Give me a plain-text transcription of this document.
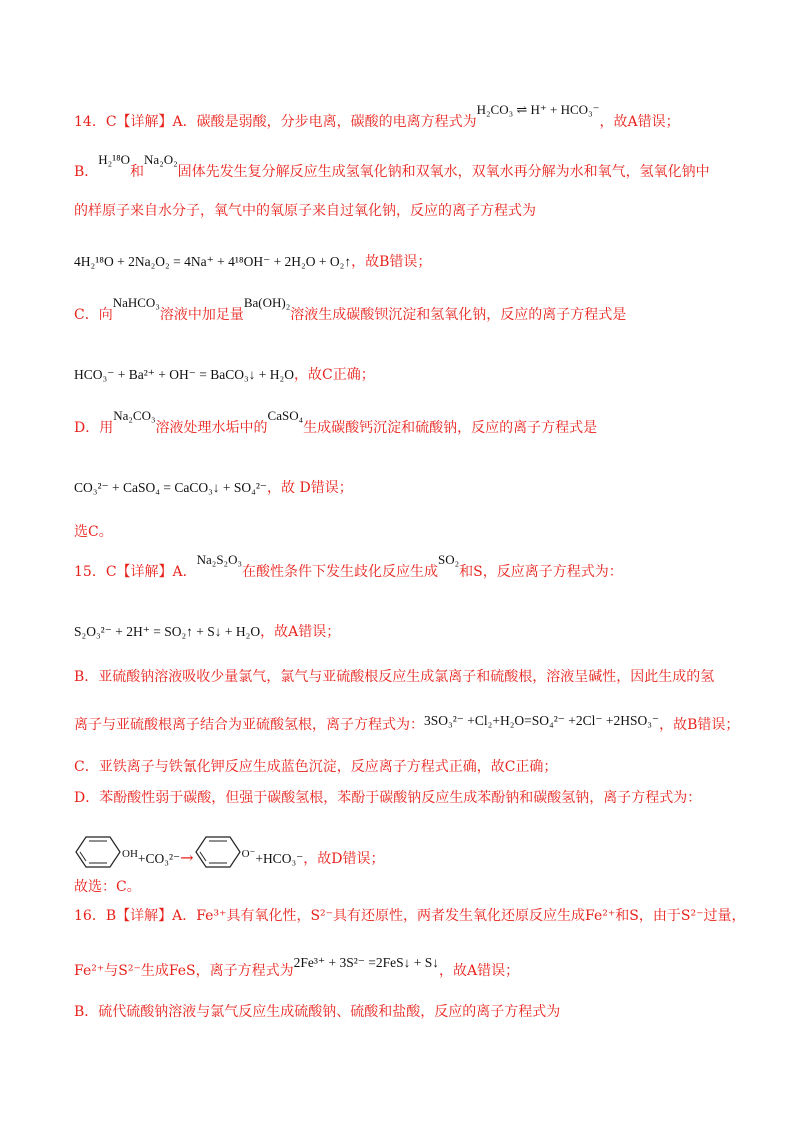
14．C【详解】A．碳酸是弱酸，分步电离，碳酸的电离方程式为H₂CO₃ ⇌ H⁺ + HCO₃⁻，故A错误；
B．H₂¹⁸O和Na₂O₂固体先发生复分解反应生成氢氧化钠和双氧水，双氧水再分解为水和氧气，氢氧化钠中
的样原子来自水分子，氧气中的氧原子来自过氧化钠，反应的离子方程式为
4H₂¹⁸O + 2Na₂O₂ = 4Na⁺ + 4¹⁸OH⁻ + 2H₂O + O₂↑，故B错误；
C．向NaHCO₃溶液中加足量Ba(OH)₂溶液生成碳酸钡沉淀和氢氧化钠，反应的离子方程式是
HCO₃⁻ + Ba²⁺ + OH⁻ = BaCO₃↓ + H₂O，故C正确；
D．用Na₂CO₃溶液处理水垢中的CaSO₄生成碳酸钙沉淀和硫酸钠，反应的离子方程式是
CO₃²⁻ + CaSO₄ = CaCO₃↓ + SO₄²⁻，故 D错误；
选C。
15．C【详解】A．Na₂S₂O₃在酸性条件下发生歧化反应生成SO₂和S，反应离子方程式为：
S₂O₃²⁻ + 2H⁺ = SO₂↑ + S↓ + H₂O，故A错误；
B．亚硫酸钠溶液吸收少量氯气，氯气与亚硫酸根反应生成氯离子和硫酸根，溶液呈碱性，因此生成的氢
离子与亚硫酸根离子结合为亚硫酸氢根，离子方程式为：3SO₃²⁻ +Cl₂+H₂O=SO₄²⁻ +2Cl⁻ +2HSO₃⁻，故B错误；
C．亚铁离子与铁氰化钾反应生成蓝色沉淀，反应离子方程式正确，故C正确；
D．苯酚酸性弱于碳酸，但强于碳酸氢根，苯酚于碳酸钠反应生成苯酚钠和碳酸氢钠，离子方程式为：
$^{OH}$+CO₃²⁻→	$^{O^-}$+HCO₃⁻，故D错误；
故选：C。
16．B【详解】A．Fe³⁺具有氧化性，S²⁻具有还原性，两者发生氧化还原反应生成Fe²⁺和S，由于S²⁻过量，
Fe²⁺与S²⁻生成FeS，离子方程式为2Fe³⁺ + 3S²⁻ =2FeS↓ + S↓，故A错误；
B．硫代硫酸钠溶液与氯气反应生成硫酸钠、硫酸和盐酸，反应的离子方程式为
